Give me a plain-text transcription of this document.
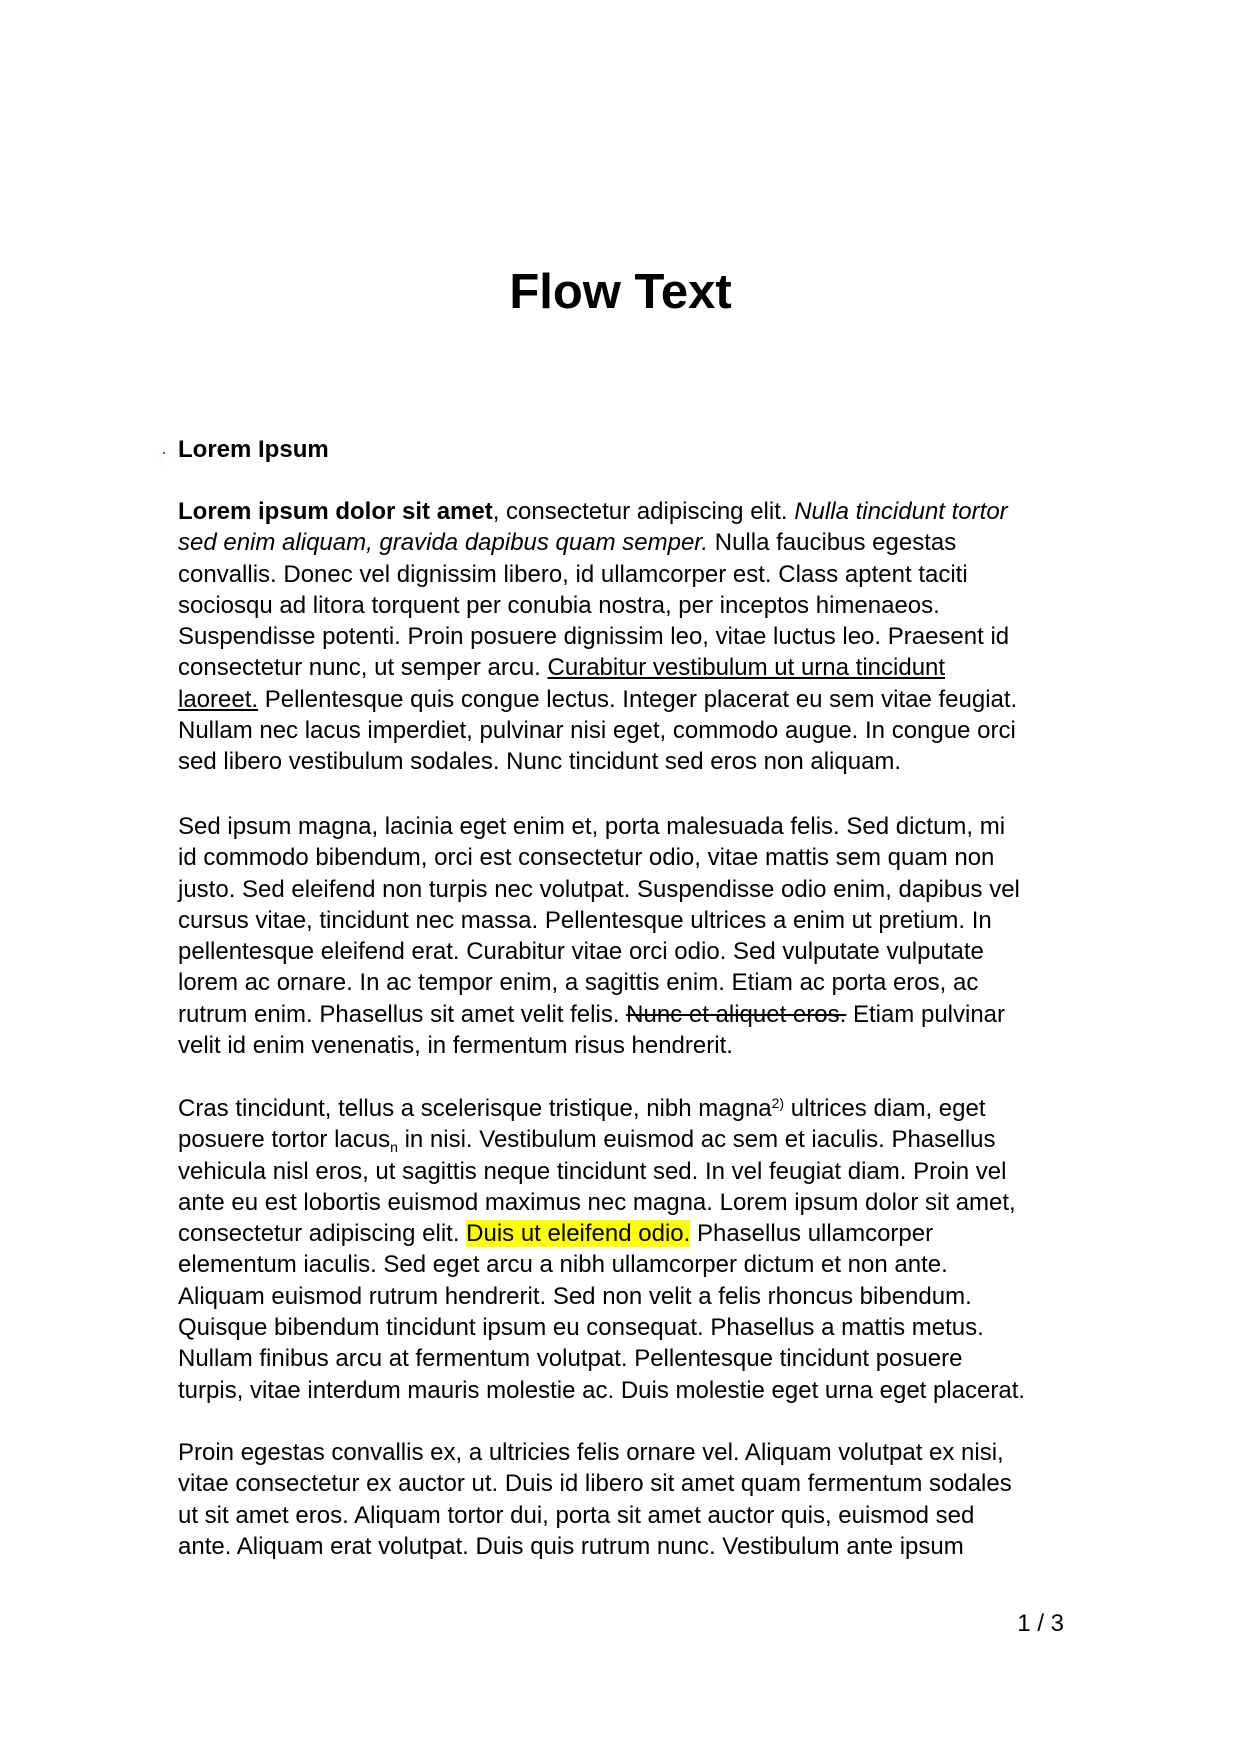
Flow Text
Lorem Ipsum

Lorem ipsum dolor sit amet, consectetur adipiscing elit. Nulla tincidunt tortor
sed enim aliquam, gravida dapibus quam semper. Nulla faucibus egestas
convallis. Donec vel dignissim libero, id ullamcorper est. Class aptent taciti
sociosqu ad litora torquent per conubia nostra, per inceptos himenaeos.
Suspendisse potenti. Proin posuere dignissim leo, vitae luctus leo. Praesent id
consectetur nunc, ut semper arcu. Curabitur vestibulum ut urna tincidunt
laoreet. Pellentesque quis congue lectus. Integer placerat eu sem vitae feugiat.
Nullam nec lacus imperdiet, pulvinar nisi eget, commodo augue. In congue orci
sed libero vestibulum sodales. Nunc tincidunt sed eros non aliquam.

Sed ipsum magna, lacinia eget enim et, porta malesuada felis. Sed dictum, mi
id commodo bibendum, orci est consectetur odio, vitae mattis sem quam non
justo. Sed eleifend non turpis nec volutpat. Suspendisse odio enim, dapibus vel
cursus vitae, tincidunt nec massa. Pellentesque ultrices a enim ut pretium. In
pellentesque eleifend erat. Curabitur vitae orci odio. Sed vulputate vulputate
lorem ac ornare. In ac tempor enim, a sagittis enim. Etiam ac porta eros, ac
rutrum enim. Phasellus sit amet velit felis. Nunc et aliquet eros. Etiam pulvinar
velit id enim venenatis, in fermentum risus hendrerit.

Cras tincidunt, tellus a scelerisque tristique, nibh magna$^{2)}$ ultrices diam, eget
posuere tortor lacus$_n$ in nisi. Vestibulum euismod ac sem et iaculis. Phasellus
vehicula nisl eros, ut sagittis neque tincidunt sed. In vel feugiat diam. Proin vel
ante eu est lobortis euismod maximus nec magna. Lorem ipsum dolor sit amet,
consectetur adipiscing elit. Duis ut eleifend odio. Phasellus ullamcorper
elementum iaculis. Sed eget arcu a nibh ullamcorper dictum et non ante.
Aliquam euismod rutrum hendrerit. Sed non velit a felis rhoncus bibendum.
Quisque bibendum tincidunt ipsum eu consequat. Phasellus a mattis metus.
Nullam finibus arcu at fermentum volutpat. Pellentesque tincidunt posuere
turpis, vitae interdum mauris molestie ac. Duis molestie eget urna eget placerat.

Proin egestas convallis ex, a ultricies felis ornare vel. Aliquam volutpat ex nisi,
vitae consectetur ex auctor ut. Duis id libero sit amet quam fermentum sodales
ut sit amet eros. Aliquam tortor dui, porta sit amet auctor quis, euismod sed
ante. Aliquam erat volutpat. Duis quis rutrum nunc. Vestibulum ante ipsum

1 / 3
